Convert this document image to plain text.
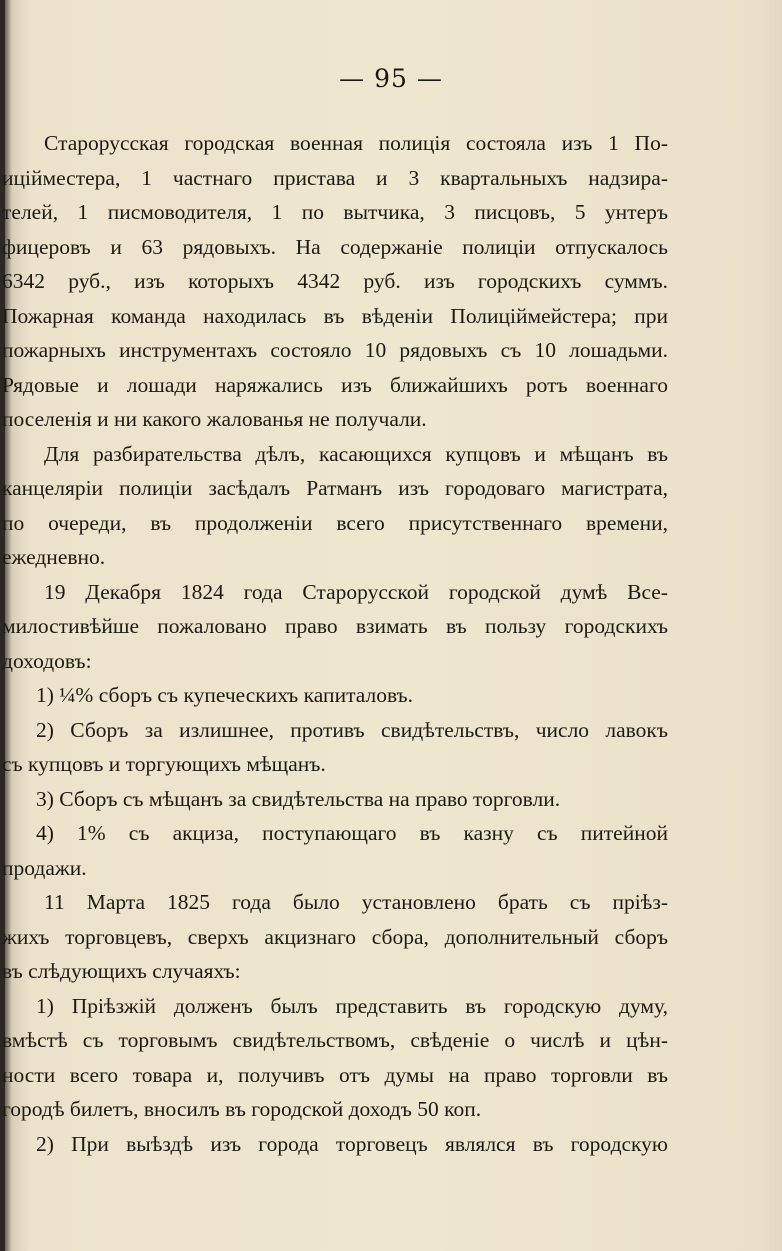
— 95 —
Старорусская городская военная полиція состояла изъ 1 По-
иційместера, 1 частнаго пристава и 3 квартальныхъ надзира-
телей, 1 писмоводителя, 1 по вытчика, 3 писцовъ, 5 унтеръ
фицеровъ и 63 рядовыхъ. На содержаніе полиціи отпускалось
6342 руб., изъ которыхъ 4342 руб. изъ городскихъ суммъ.
Пожарная команда находилась въ вѣденіи Полиціймейстера; при
пожарныхъ инструментахъ состояло 10 рядовыхъ съ 10 лошадьми.
Рядовые и лошади наряжались изъ ближайшихъ ротъ военнаго
поселенія и ни какого жалованья не получали.
Для разбирательства дѣлъ, касающихся купцовъ и мѣщанъ въ
канцеляріи полиціи засѣдалъ Ратманъ изъ городоваго магистрата,
по очереди, въ продолженіи всего присутственнаго времени,
ежедневно.
19 Декабря 1824 года Старорусской городской думѣ Все-
милостивѣйше пожаловано право взимать въ пользу городскихъ
доходовъ:
1) ¼% сборъ съ купеческихъ капиталовъ.
2) Сборъ за излишнее, противъ свидѣтельствъ, число лавокъ
съ купцовъ и торгующихъ мѣщанъ.
3) Сборъ съ мѣщанъ за свидѣтельства на право торговли.
4) 1% съ акциза, поступающаго въ казну съ питейной
продажи.
11 Марта 1825 года было установлено брать съ пріѣз-
жихъ торговцевъ, сверхъ акцизнаго сбора, дополнительный сборъ
въ слѣдующихъ случаяхъ:
1) Пріѣзжій долженъ былъ представить въ городскую думу,
вмѣстѣ съ торговымъ свидѣтельствомъ, свѣденіе о числѣ и цѣн-
ности всего товара и, получивъ отъ думы на право торговли въ
городѣ билетъ, вносилъ въ городской доходъ 50 коп.
2) При выѣздѣ изъ города торговецъ являлся въ городскую
